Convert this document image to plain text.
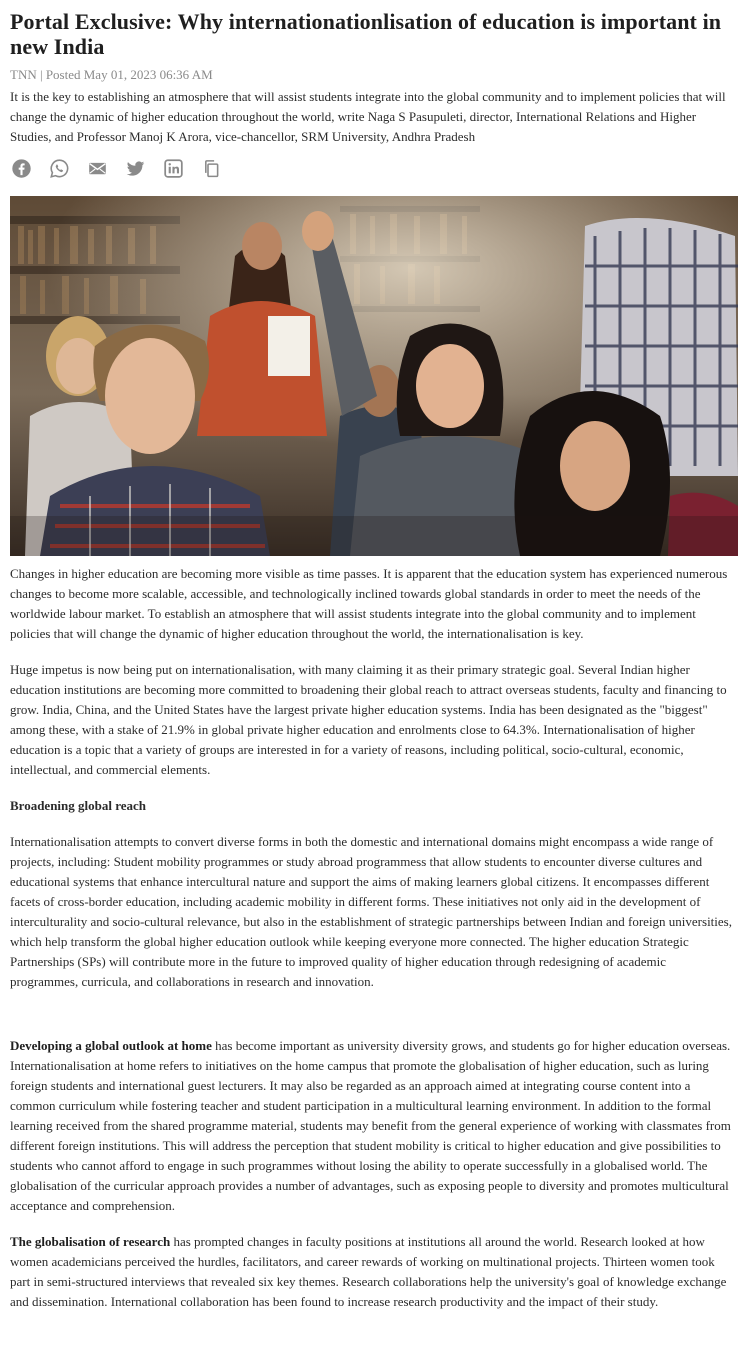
Portal Exclusive: Why internationationlisation of education is important in new India
TNN | Posted May 01, 2023 06:36 AM
It is the key to establishing an atmosphere that will assist students integrate into the global community and to implement policies that will change the dynamic of higher education throughout the world, write Naga S Pasupuleti, director, International Relations and Higher Studies, and Professor Manoj K Arora, vice-chancellor, SRM University, Andhra Pradesh

Changes in higher education are becoming more visible as time passes. It is apparent that the education system has experienced numerous changes to become more scalable, accessible, and technologically inclined towards global standards in order to meet the needs of the worldwide labour market. To establish an atmosphere that will assist students integrate into the global community and to implement policies that will change the dynamic of higher education throughout the world, the internationalisation is key.

Huge impetus is now being put on internationalisation, with many claiming it as their primary strategic goal. Several Indian higher education institutions are becoming more committed to broadening their global reach to attract overseas students, faculty and financing to grow. India, China, and the United States have the largest private higher education systems. India has been designated as the "biggest" among these, with a stake of 21.9% in global private higher education and enrolments close to 64.3%. Internationalisation of higher education is a topic that a variety of groups are interested in for a variety of reasons, including political, socio-cultural, economic, intellectual, and commercial elements.

Broadening global reach

Internationalisation attempts to convert diverse forms in both the domestic and international domains might encompass a wide range of projects, including: Student mobility programmes or study abroad programmess that allow students to encounter diverse cultures and educational systems that enhance intercultural nature and support the aims of making learners global citizens. It encompasses different facets of cross-border education, including academic mobility in different forms. These initiatives not only aid in the development of interculturality and socio-cultural relevance, but also in the establishment of strategic partnerships between Indian and foreign universities, which help transform the global higher education outlook while keeping everyone more connected. The higher education Strategic Partnerships (SPs) will contribute more in the future to improved quality of higher education through redesigning of academic programmes, curricula, and collaborations in research and innovation.

Developing a global outlook at home has become important as university diversity grows, and students go for higher education overseas. Internationalisation at home refers to initiatives on the home campus that promote the globalisation of higher education, such as luring foreign students and international guest lecturers. It may also be regarded as an approach aimed at integrating course content into a common curriculum while fostering teacher and student participation in a multicultural learning environment. In addition to the formal learning received from the shared programme material, students may benefit from the general experience of working with classmates from different foreign institutions. This will address the perception that student mobility is critical to higher education and give possibilities to students who cannot afford to engage in such programmes without losing the ability to operate successfully in a globalised world. The globalisation of the curricular approach provides a number of advantages, such as exposing people to diversity and promotes multicultural acceptance and comprehension.

The globalisation of research has prompted changes in faculty positions at institutions all around the world. Research looked at how women academicians perceived the hurdles, facilitators, and career rewards of working on multinational projects. Thirteen women took part in semi-structured interviews that revealed six key themes. Research collaborations help the university's goal of knowledge exchange and dissemination. International collaboration has been found to increase research productivity and the impact of their study.
